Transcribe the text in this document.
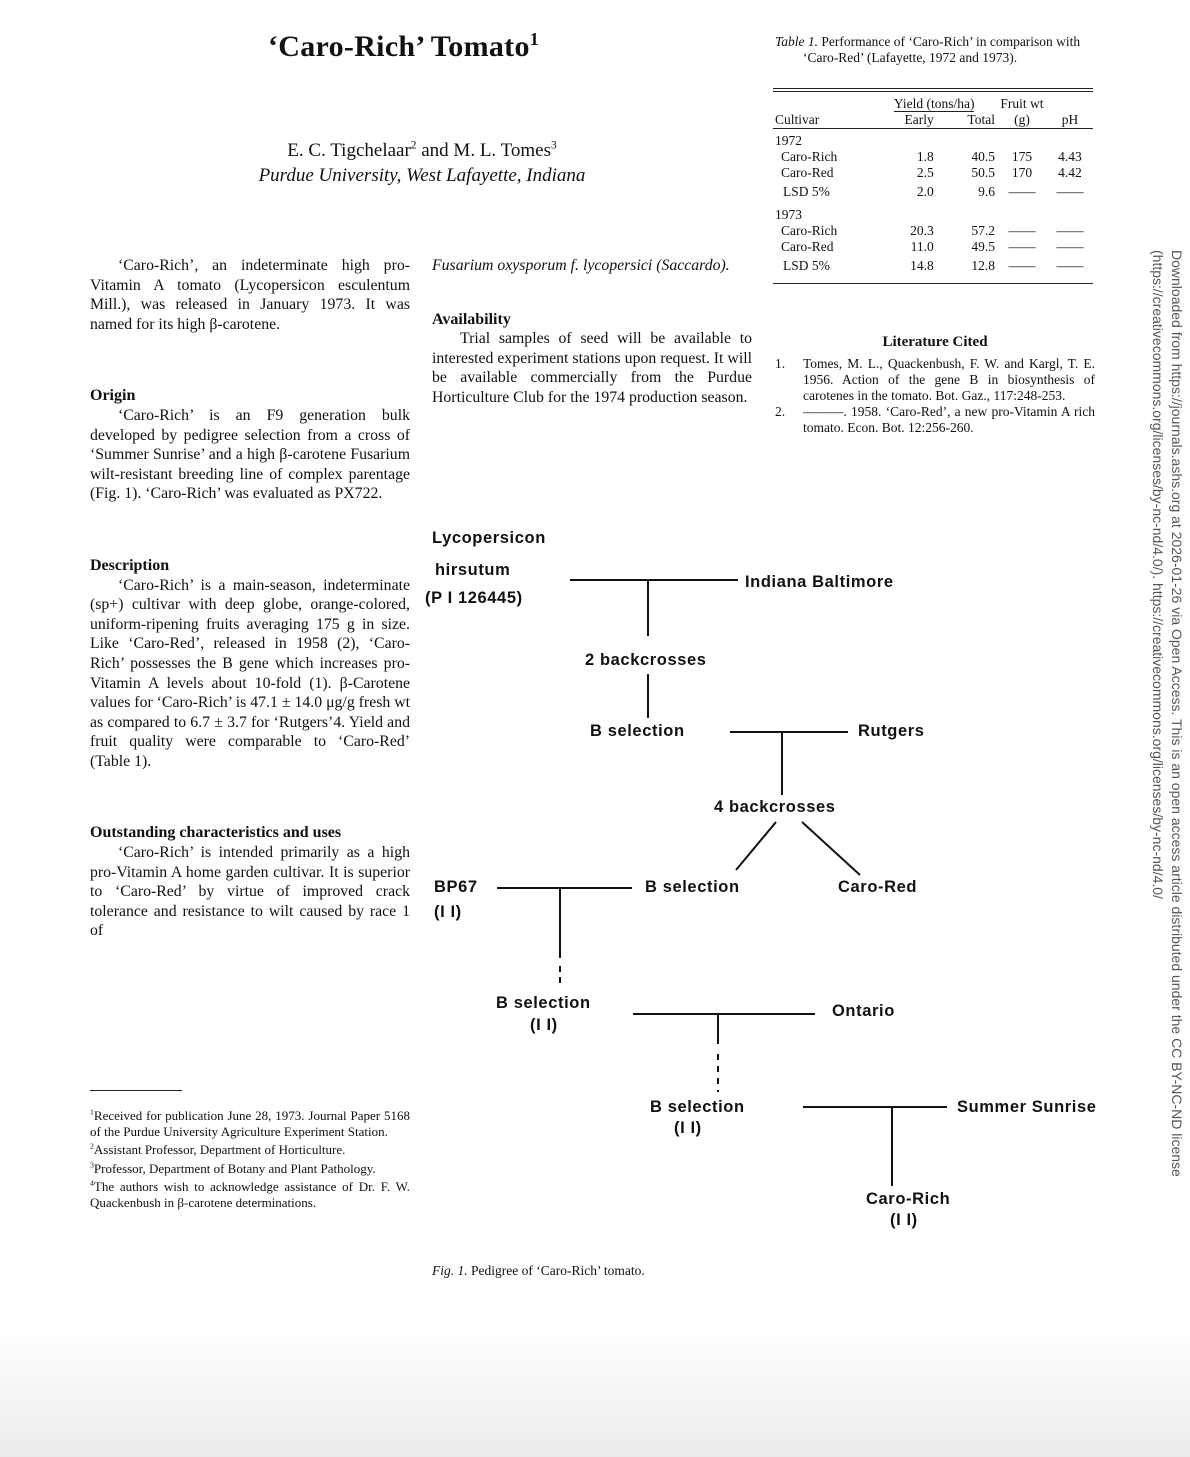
‘Caro-Rich’ Tomato$^1$
E. C. Tigchelaar$^2$ and M. L. Tomes$^3$
Purdue University, West Lafayette, Indiana

‘Caro-Rich’, an indeterminate high pro-Vitamin A tomato (Lycopersicon esculentum Mill.), was released in January 1973. It was named for its high β-carotene.

Origin

‘Caro-Rich’ is an F9 generation bulk developed by pedigree selection from a cross of ‘Summer Sunrise’ and a high β-carotene Fusarium wilt-resistant breeding line of complex parentage (Fig. 1). ‘Caro-Rich’ was evaluated as PX722.

Description

‘Caro-Rich’ is a main-season, indeterminate (sp+) cultivar with deep globe, orange-colored, uniform-ripening fruits averaging 175 g in size. Like ‘Caro-Red’, released in 1958 (2), ‘Caro-Rich’ possesses the B gene which increases pro-Vitamin A levels about 10-fold (1). β-Carotene values for ‘Caro-Rich’ is 47.1 ± 14.0 μg/g fresh wt as compared to 6.7 ± 3.7 for ‘Rutgers’4. Yield and fruit quality were comparable to ‘Caro-Red’ (Table 1).

Outstanding characteristics and uses

‘Caro-Rich’ is intended primarily as a high pro-Vitamin A home garden cultivar. It is superior to ‘Caro-Red’ by virtue of improved crack tolerance and resistance to wilt caused by race 1 of

Fusarium oxysporum f. lycopersici (Saccardo).

Availability

Trial samples of seed will be available to interested experiment stations upon request. It will be available commercially from the Purdue Horticulture Club for the 1974 production season.

Table 1. Performance of ‘Caro-Rich’ in comparison with ‘Caro-Red’ (Lafayette, 1972 and 1973).
	Yield (tons/ha)		Fruit wt (g)	pH
Cultivar	Early	Total		
1972				
Caro-Rich	1.8	40.5	175	4.43
Caro-Red	2.5	50.5	170	4.42
LSD 5%	2.0	9.6	——	——
1973				
Caro-Rich	20.3	57.2	——	——
Caro-Red	11.0	49.5	——	——
LSD 5%	14.8	12.8	——	——
Literature Cited
1.	Tomes, M. L., Quackenbush, F. W. and Kargl, T. E. 1956. Action of the gene B in biosynthesis of carotenes in the tomato. Bot. Gaz., 117:248-253.
2.	———. 1958. ‘Caro-Red’, a new pro-Vitamin A rich tomato. Econ. Bot. 12:256-260.
Lycopersicon
hirsutum
(P I 126445)
Indiana Baltimore
2 backcrosses
B selection	Rutgers
4 backcrosses
BP67
(I I)
B selection	Caro-Red
B selection
(I I)
Ontario
B selection
(I I)
Summer Sunrise
Caro-Rich
(I I)
Fig. 1. Pedigree of ‘Caro-Rich’ tomato.

$^1$Received for publication June 28, 1973. Journal Paper 5168 of the Purdue University Agriculture Experiment Station.

$^2$Assistant Professor, Department of Horticulture.

$^3$Professor, Department of Botany and Plant Pathology.

$^4$The authors wish to acknowledge assistance of Dr. F. W. Quackenbush in β-carotene determinations.

Downloaded from https://journals.ashs.org at 2026-01-26 via Open Access. This is an open access article distributed under the CC BY-NC-ND license
(https://creativecommons.org/licenses/by-nc-nd/4.0/). https://creativecommons.org/licenses/by-nc-nd/4.0/
